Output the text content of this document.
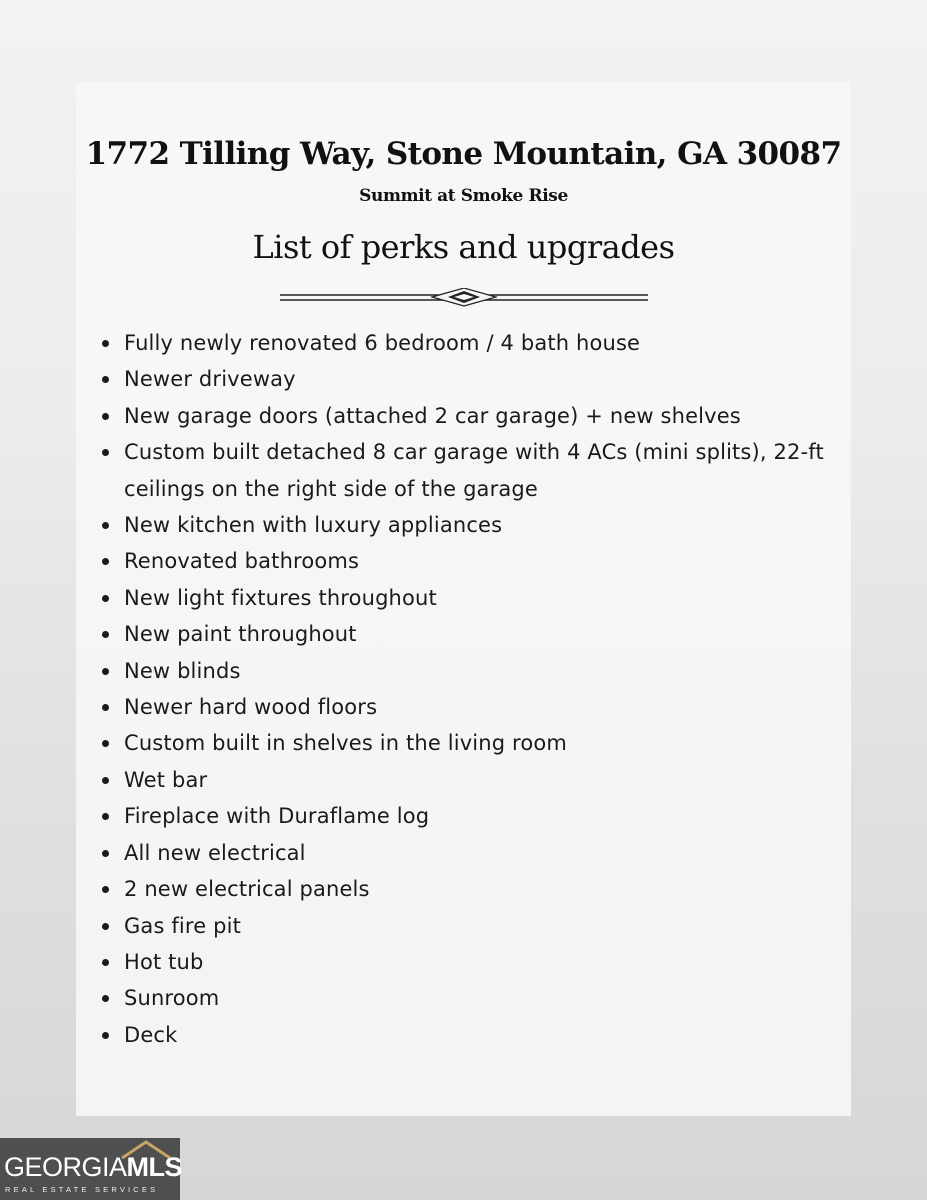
1772 Tilling Way, Stone Mountain, GA 30087
Summit at Smoke Rise
List of perks and upgrades
Fully newly renovated 6 bedroom / 4 bath house
Newer driveway
New garage doors (attached 2 car garage) + new shelves
Custom built detached 8 car garage with 4 ACs (mini splits), 22-ft ceilings on the right side of the garage
New kitchen with luxury appliances
Renovated bathrooms
New light fixtures throughout
New paint throughout
New blinds
Newer hard wood floors
Custom built in shelves in the living room
Wet bar
Fireplace with Duraflame log
All new electrical
2 new electrical panels
Gas fire pit
Hot tub
Sunroom
Deck
GEORGIAMLS
REAL ESTATE SERVICES
